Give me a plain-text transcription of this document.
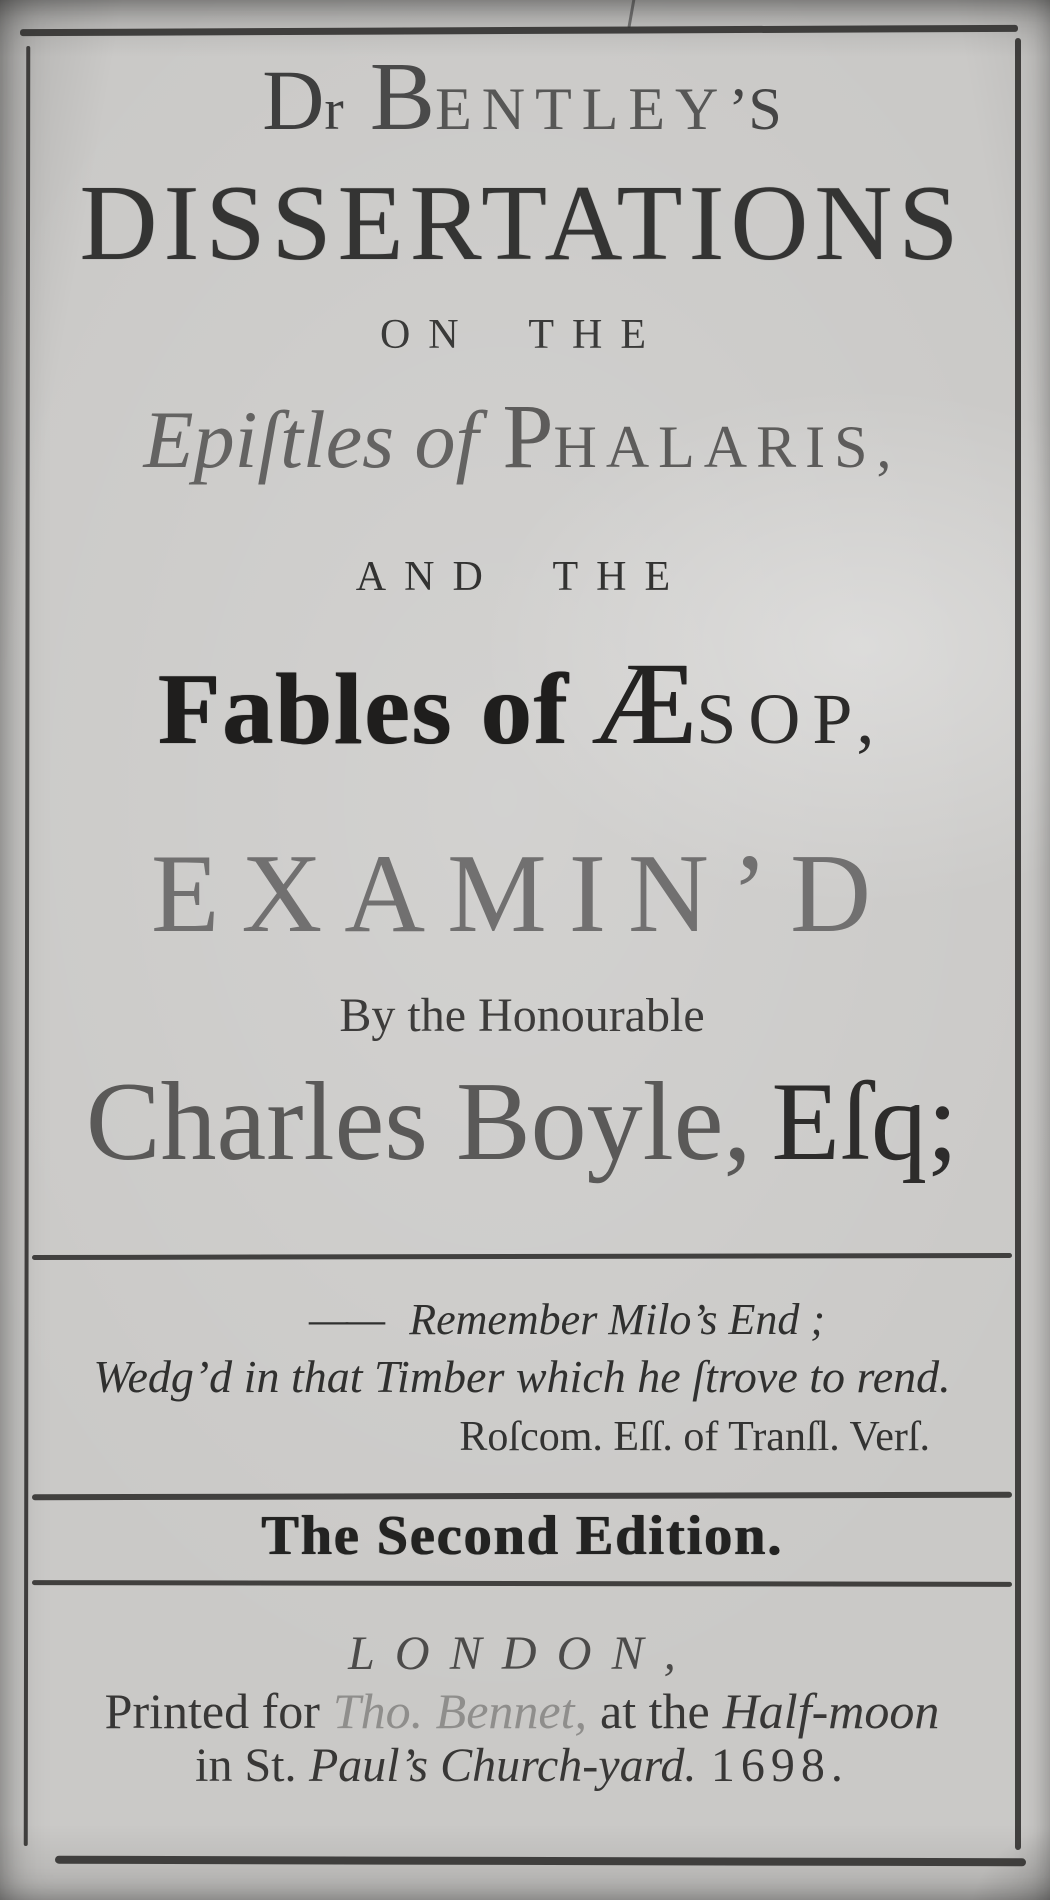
Dr BENTLEY’S
DISSERTATIONS
ON THE
Epiſtles of PHALARIS,
AND THE
Fables of ÆSOP,
EXAMIN’D
By the Honourable
Charles Boyle, Eſq;
—— Remember Milo’s End ;
Wedg’d in that Timber which he ſtrove to rend.
Roſcom. Eſſ. of Tranſl. Verſ.
The Second Edition.
LONDON,
Printed for Tho. Bennet, at the Half-moon
in St. Paul’s Church-yard. 1698.
